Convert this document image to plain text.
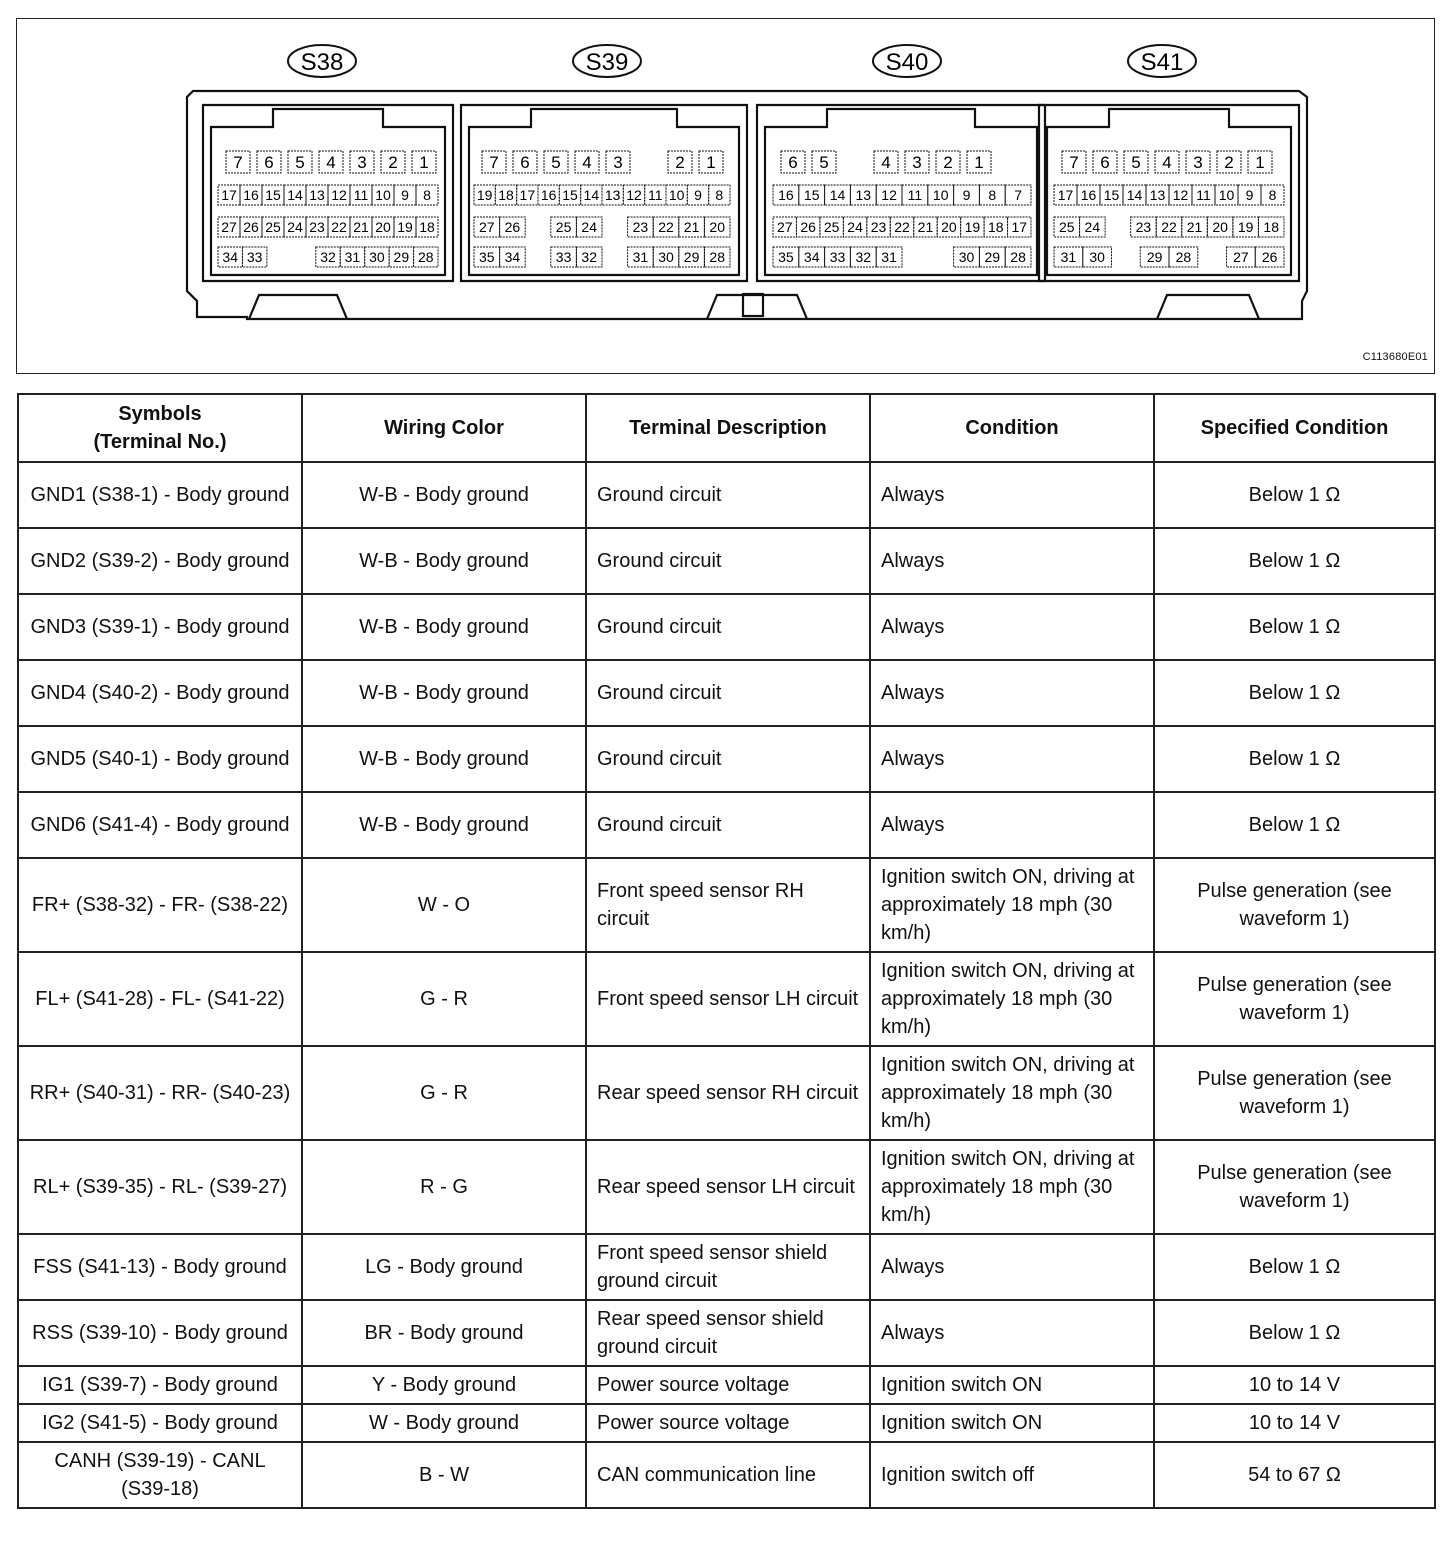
S38	S39	S40	S41
7 6 5 4 3 2 1
17 16 15 14 13 12 11 10 9 8
27 26 25 24 23 22 21 20 19 18
34 33	32 31 30 29 28
7 6 5 4 3	2 1
19 18 17 16 15 14 13 12 11 10 9 8
27 26	25 24	23 22 21 20
35 34	33 32	31 30 29 28
6 5	4 3 2 1
16 15 14 13 12 11 10 9 8 7
27 26 25 24 23 22 21 20 19 18 17
35 34 33 32 31	30 29 28
7 6 5 4 3 2 1
17 16 15 14 13 12 11 10 9 8
25 24	23 22 21 20 19 18
31 30	29 28	27 26
C113680E01
Symbols
(Terminal No.)	Wiring Color	Terminal Description	Condition	Specified Condition
GND1 (S38-1) - Body ground	W-B - Body ground	Ground circuit	Always	Below 1 Ω
GND2 (S39-2) - Body ground	W-B - Body ground	Ground circuit	Always	Below 1 Ω
GND3 (S39-1) - Body ground	W-B - Body ground	Ground circuit	Always	Below 1 Ω
GND4 (S40-2) - Body ground	W-B - Body ground	Ground circuit	Always	Below 1 Ω
GND5 (S40-1) - Body ground	W-B - Body ground	Ground circuit	Always	Below 1 Ω
GND6 (S41-4) - Body ground	W-B - Body ground	Ground circuit	Always	Below 1 Ω
FR+ (S38-32) - FR- (S38-22)	W - O	Front speed sensor RH circuit	Ignition switch ON, driving at approximately 18 mph (30 km/h)	Pulse generation (see waveform 1)
FL+ (S41-28) - FL- (S41-22)	G - R	Front speed sensor LH circuit	Ignition switch ON, driving at approximately 18 mph (30 km/h)	Pulse generation (see waveform 1)
RR+ (S40-31) - RR- (S40-23)	G - R	Rear speed sensor RH circuit	Ignition switch ON, driving at approximately 18 mph (30 km/h)	Pulse generation (see waveform 1)
RL+ (S39-35) - RL- (S39-27)	R - G	Rear speed sensor LH circuit	Ignition switch ON, driving at approximately 18 mph (30 km/h)	Pulse generation (see waveform 1)
FSS (S41-13) - Body ground	LG - Body ground	Front speed sensor shield ground circuit	Always	Below 1 Ω
RSS (S39-10) - Body ground	BR - Body ground	Rear speed sensor shield ground circuit	Always	Below 1 Ω
IG1 (S39-7) - Body ground	Y - Body ground	Power source voltage	Ignition switch ON	10 to 14 V
IG2 (S41-5) - Body ground	W - Body ground	Power source voltage	Ignition switch ON	10 to 14 V
CANH (S39-19) - CANL (S39-18)	B - W	CAN communication line	Ignition switch off	54 to 67 Ω
